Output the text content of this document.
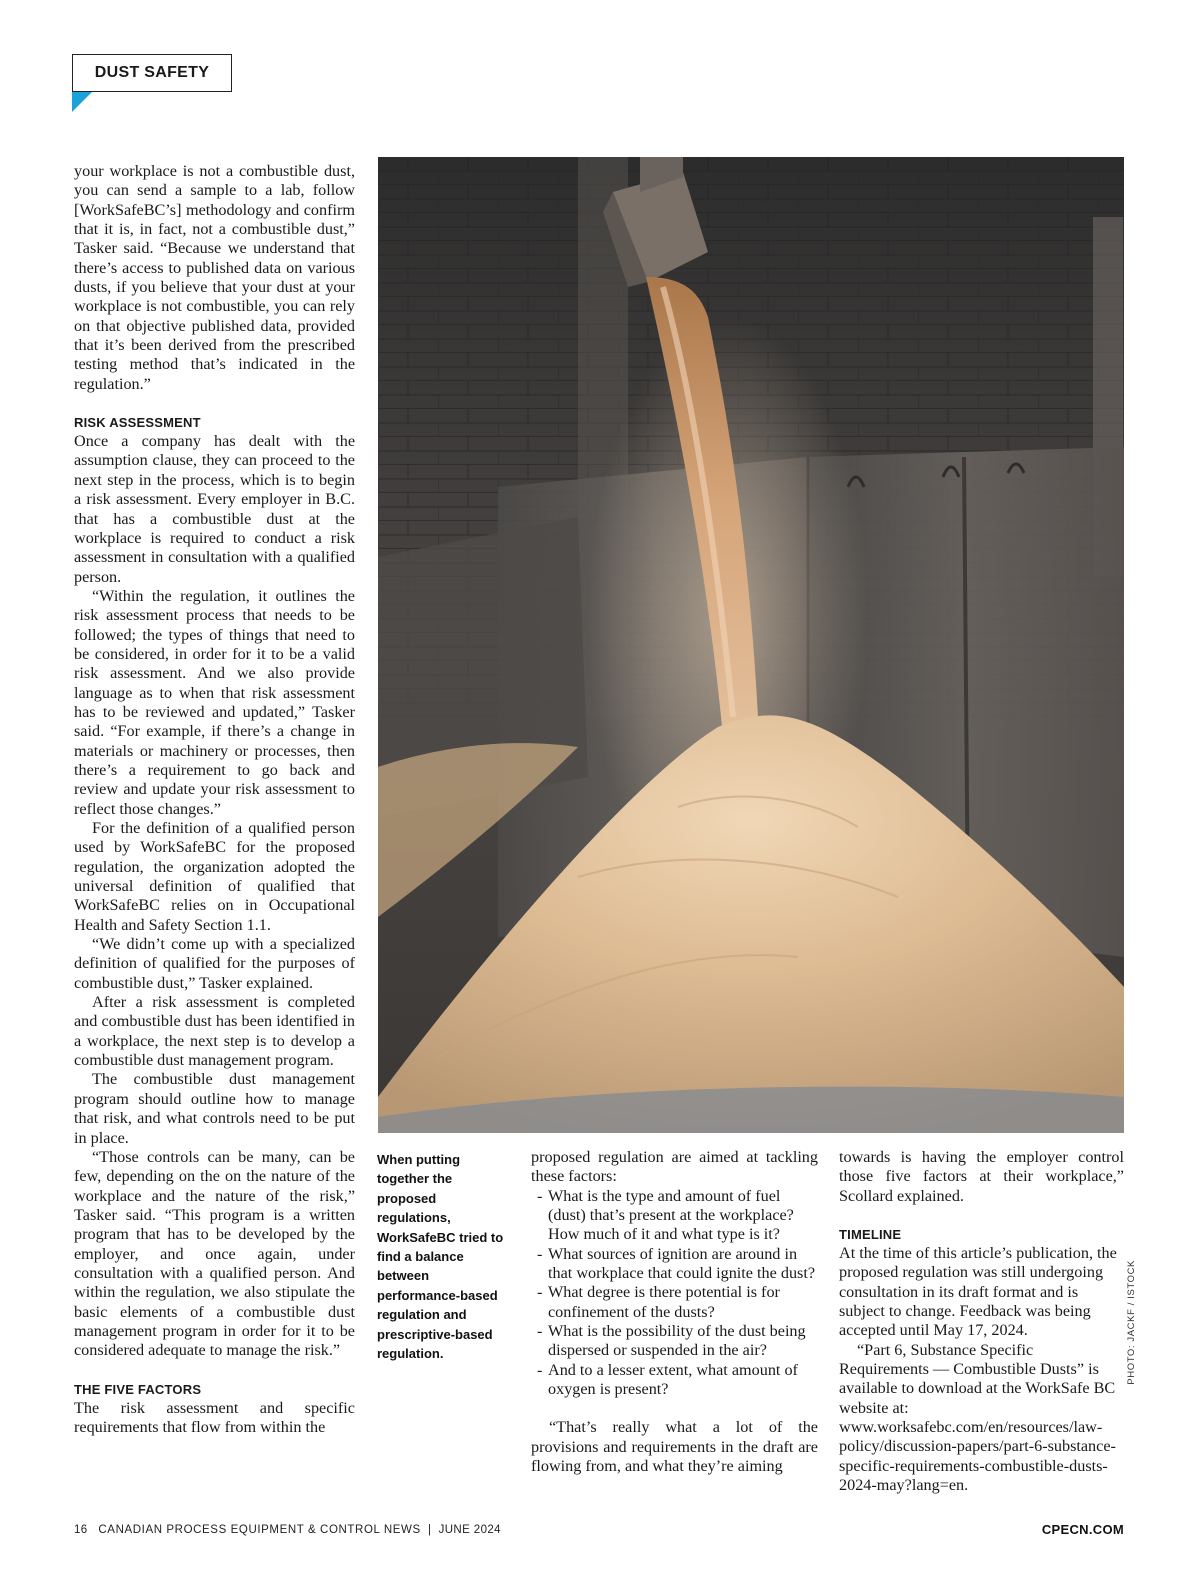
DUST SAFETY

your workplace is not a combustible dust, you can send a sample to a lab, follow [WorkSafeBC’s] methodology and confirm that it is, in fact, not a combustible dust,” Tasker said. “Because we understand that there’s access to published data on various dusts, if you believe that your dust at your workplace is not combustible, you can rely on that objective published data, provided that it’s been derived from the prescribed testing method that’s indicated in the regulation.”

RISK ASSESSMENT

Once a company has dealt with the assumption clause, they can proceed to the next step in the process, which is to begin a risk assessment. Every employer in B.C. that has a combustible dust at the workplace is required to conduct a risk assessment in consultation with a qualified person.

“Within the regulation, it outlines the risk assessment process that needs to be followed; the types of things that need to be considered, in order for it to be a valid risk assessment. And we also provide language as to when that risk assessment has to be reviewed and updated,” Tasker said. “For example, if there’s a change in materials or machinery or processes, then there’s a requirement to go back and review and update your risk assessment to reflect those changes.”

For the definition of a qualified person used by WorkSafeBC for the proposed regulation, the organization adopted the universal definition of qualified that WorkSafeBC relies on in Occupational Health and Safety Section 1.1.

“We didn’t come up with a specialized definition of qualified for the purposes of combustible dust,” Tasker explained.

After a risk assessment is completed and combustible dust has been identified in a workplace, the next step is to develop a combustible dust management program.

The combustible dust management program should outline how to manage that risk, and what controls need to be put in place.

“Those controls can be many, can be few, depending on the on the nature of the workplace and the nature of the risk,” Tasker said. “This program is a written program that has to be developed by the employer, and once again, under consultation with a qualified person. And within the regulation, we also stipulate the basic elements of a combustible dust management program in order for it to be considered adequate to manage the risk.”

THE FIVE FACTORS

The risk assessment and specific requirements that flow from within the

When putting together the proposed regulations, WorkSafeBC tried to find a balance between performance-based regulation and prescriptive-based regulation.

proposed regulation are aimed at tackling these factors:

- What is the type and amount of fuel (dust) that’s present at the workplace? How much of it and what type is it?
- What sources of ignition are around in that workplace that could ignite the dust?
- What degree is there potential is for confinement of the dusts?
- What is the possibility of the dust being dispersed or suspended in the air?
- And to a lesser extent, what amount of oxygen is present?

“That’s really what a lot of the provisions and requirements in the draft are flowing from, and what they’re aiming

towards is having the employer control those five factors at their workplace,” Scollard explained.

TIMELINE

At the time of this article’s publication, the proposed regulation was still undergoing consultation in its draft format and is subject to change. Feedback was being accepted until May 17, 2024.

“Part 6, Substance Specific Requirements — Combustible Dusts” is available to download at the WorkSafe BC website at: www.worksafebc.com/en/resources/law-policy/discussion-papers/part-6-substance-specific-requirements-combustible-dusts-2024-may?lang=en.

PHOTO: JACKF / ISTOCK
16 CANADIAN PROCESS EQUIPMENT & CONTROL NEWS | JUNE 2024	CPECN.COM
